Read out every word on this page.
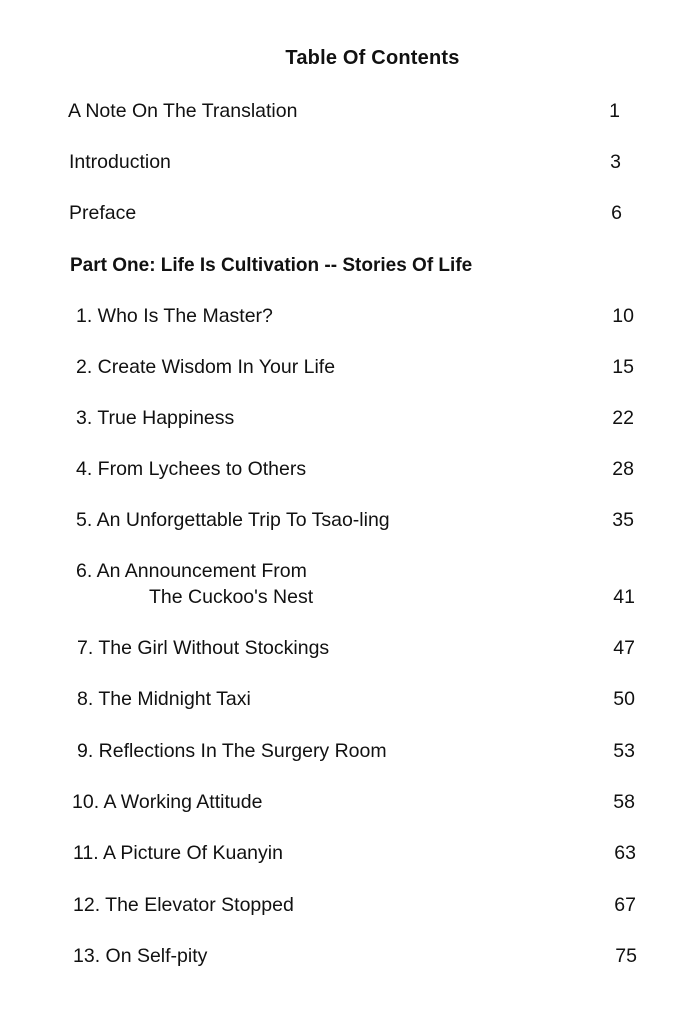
Table Of Contents
A Note On The Translation	1
Introduction	3
Preface	6
Part One: Life Is Cultivation -- Stories Of Life
1. Who Is The Master?	10
2. Create Wisdom In Your Life	15
3. True Happiness	22
4. From Lychees to Others	28
5. An Unforgettable Trip To Tsao-ling	35
6. An Announcement From
The Cuckoo's Nest	41
7. The Girl Without Stockings	47
8. The Midnight Taxi	50
9. Reflections In The Surgery Room	53
10. A Working Attitude	58
11. A Picture Of Kuanyin	63
12. The Elevator Stopped	67
13. On Self-pity	75
